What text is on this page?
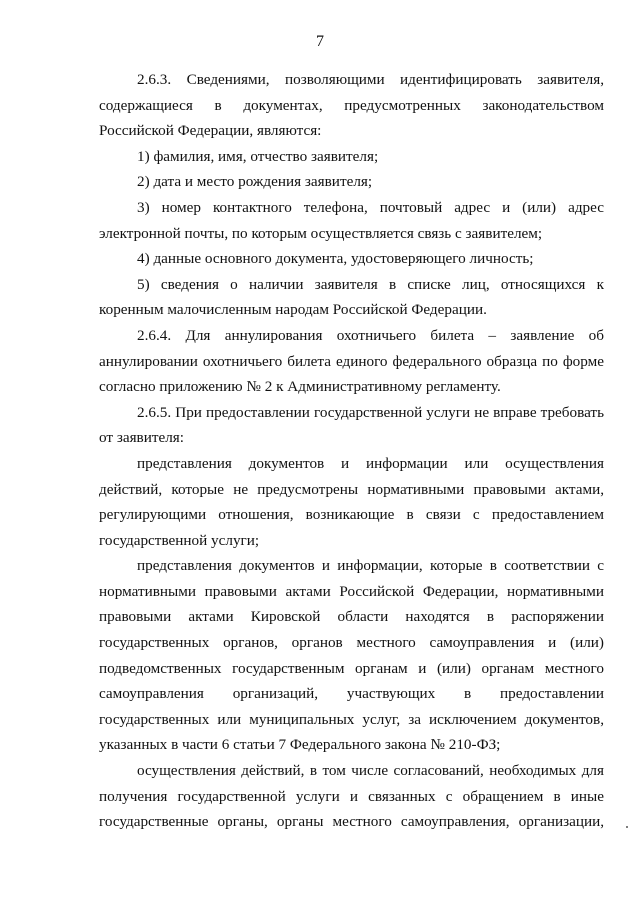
7

2.6.3. Сведениями, позволяющими идентифицировать заявителя, содержащиеся в документах, предусмотренных законодательством Российской Федерации, являются:

1) фамилия, имя, отчество заявителя;

2) дата и место рождения заявителя;

3) номер контактного телефона, почтовый адрес и (или) адрес электронной почты, по которым осуществляется связь с заявителем;

4) данные основного документа, удостоверяющего личность;

5) сведения о наличии заявителя в списке лиц, относящихся к коренным малочисленным народам Российской Федерации.

2.6.4. Для аннулирования охотничьего билета – заявление об аннулировании охотничьего билета единого федерального образца по форме согласно приложению № 2 к Административному регламенту.

2.6.5. При предоставлении государственной услуги не вправе требовать от заявителя:

представления документов и информации или осуществления действий, которые не предусмотрены нормативными правовыми актами, регулирующими отношения, возникающие в связи с предоставлением государственной услуги;

представления документов и информации, которые в соответствии с нормативными правовыми актами Российской Федерации, нормативными правовыми актами Кировской области находятся в распоряжении государственных органов, органов местного самоуправления и (или) подведомственных государственным органам и (или) органам местного самоуправления организаций, участвующих в предоставлении государственных или муниципальных услуг, за исключением документов, указанных в части 6 статьи 7 Федерального закона № 210-ФЗ;

осуществления действий, в том числе согласований, необходимых для получения государственной услуги и связанных с обращением в иные государственные органы, органы местного самоуправления, организации,
